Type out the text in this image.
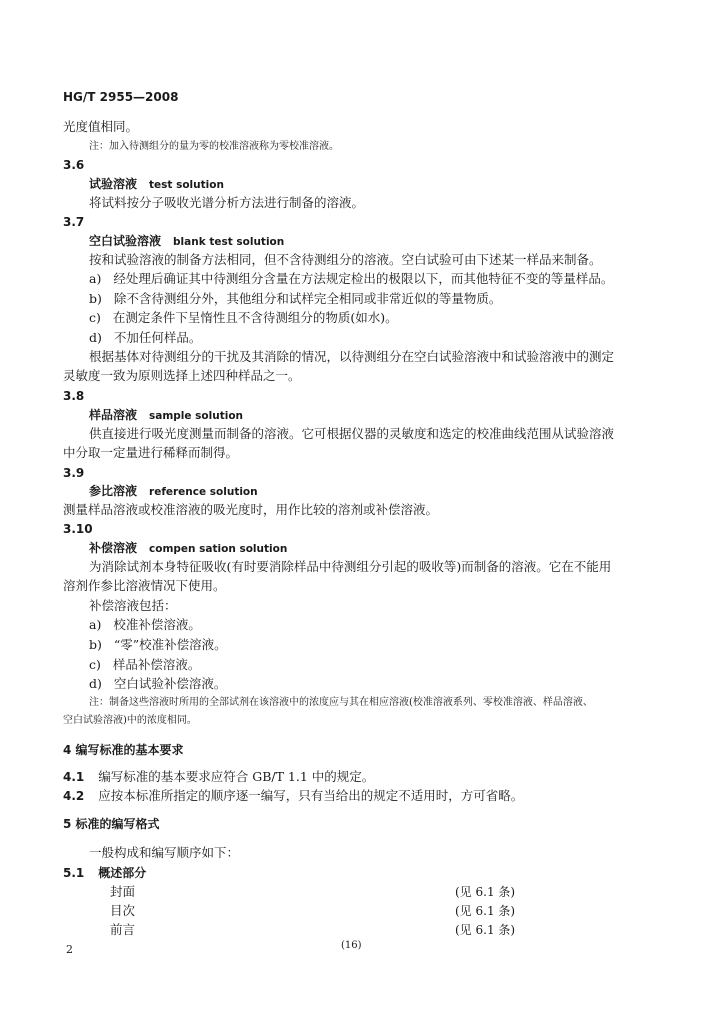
HG/T 2955—2008
光度值相同。
注：加入待测组分的量为零的校准溶液称为零校准溶液。
3.6
试验溶液 test solution
将试料按分子吸收光谱分析方法进行制备的溶液。
3.7
空白试验溶液 blank test solution
按和试验溶液的制备方法相同，但不含待测组分的溶液。空白试验可由下述某一样品来制备。
a) 经处理后确证其中待测组分含量在方法规定检出的极限以下，而其他特征不变的等量样品。
b) 除不含待测组分外，其他组分和试样完全相同或非常近似的等量物质。
c) 在测定条件下呈惰性且不含待测组分的物质(如水)。
d) 不加任何样品。
根据基体对待测组分的干扰及其消除的情况，以待测组分在空白试验溶液中和试验溶液中的测定
灵敏度一致为原则选择上述四种样品之一。
3.8
样品溶液 sample solution
供直接进行吸光度测量而制备的溶液。它可根据仪器的灵敏度和选定的校准曲线范围从试验溶液
中分取一定量进行稀释而制得。
3.9
参比溶液 reference solution
测量样品溶液或校准溶液的吸光度时，用作比较的溶剂或补偿溶液。
3.10
补偿溶液 compen sation solution
为消除试剂本身特征吸收(有时要消除样品中待测组分引起的吸收等)而制备的溶液。它在不能用
溶剂作参比溶液情况下使用。
补偿溶液包括：
a) 校准补偿溶液。
b) “零”校准补偿溶液。
c) 样品补偿溶液。
d) 空白试验补偿溶液。
注：制备这些溶液时所用的全部试剂在该溶液中的浓度应与其在相应溶液(校准溶液系列、零校准溶液、样品溶液、
空白试验溶液)中的浓度相同。
4 编写标准的基本要求
4.1 编写标准的基本要求应符合 GB/T 1.1 中的规定。
4.2 应按本标准所指定的顺序逐一编写，只有当给出的规定不适用时，方可省略。
5 标准的编写格式
一般构成和编写顺序如下：
5.1 概述部分
封面	(见 6.1 条)
目次	(见 6.1 条)
前言	(见 6.1 条)
2	(16)
